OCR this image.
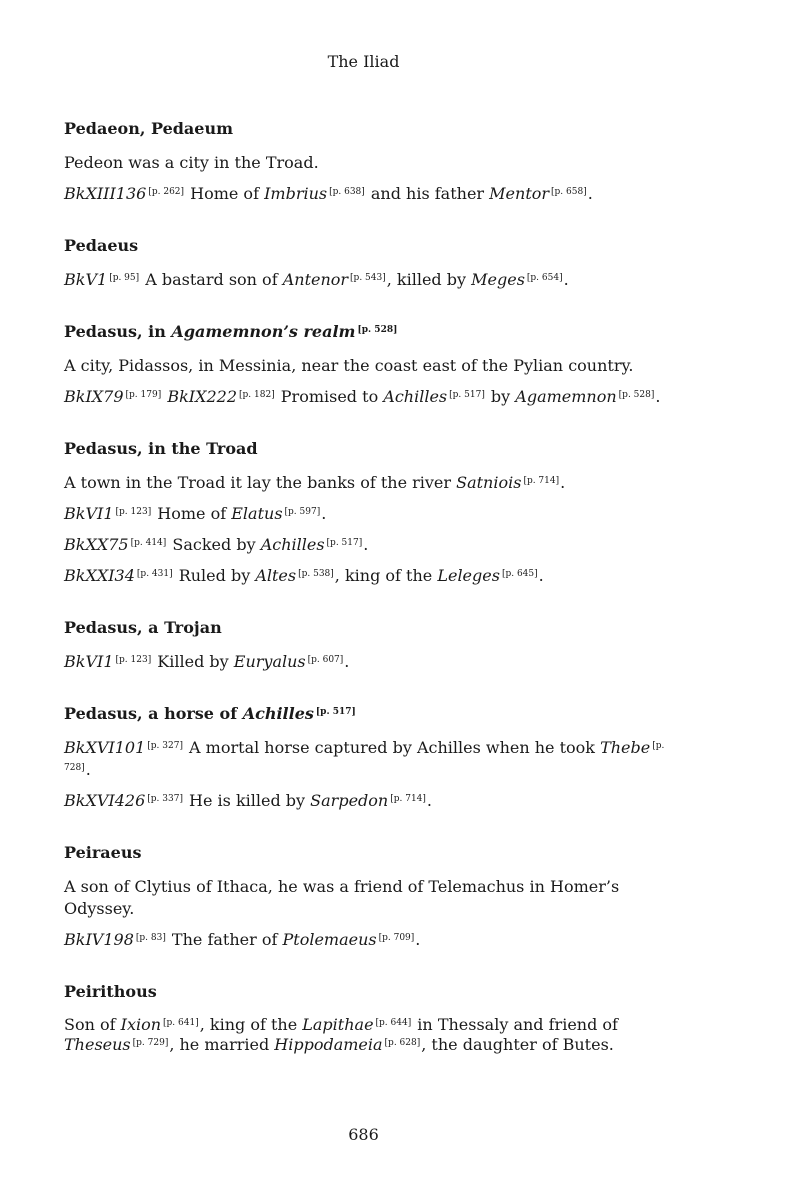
The Iliad
Pedaeon, Pedaeum

Pedeon was a city in the Troad.

BkXIII136 [p. 262] Home of Imbrius [p. 638] and his father Mentor [p. 658].

Pedaeus

BkV1 [p. 95] A bastard son of Antenor [p. 543], killed by Meges [p. 654].

Pedasus, in Agamemnon’s realm [p. 528]

A city, Pidassos, in Messinia, near the coast east of the Pylian country.

BkIX79 [p. 179] BkIX222 [p. 182] Promised to Achilles [p. 517] by Agamemnon [p. 528].

Pedasus, in the Troad

A town in the Troad it lay the banks of the river Satniois [p. 714].

BkVI1 [p. 123] Home of Elatus [p. 597].

BkXX75 [p. 414] Sacked by Achilles [p. 517].

BkXXI34 [p. 431] Ruled by Altes [p. 538], king of the Leleges [p. 645].

Pedasus, a Trojan

BkVI1 [p. 123] Killed by Euryalus [p. 607].

Pedasus, a horse of Achilles [p. 517]

BkXVI101 [p. 327] A mortal horse captured by Achilles when he took Thebe [p. 728].

BkXVI426 [p. 337] He is killed by Sarpedon [p. 714].

Peiraeus

A son of Clytius of Ithaca, he was a friend of Telemachus in Homer’s Odyssey.

BkIV198 [p. 83] The father of Ptolemaeus [p. 709].

Peirithous

Son of Ixion [p. 641], king of the Lapithae [p. 644] in Thessaly and friend of Theseus [p. 729], he married Hippodameia [p. 628], the daughter of Butes.

686
